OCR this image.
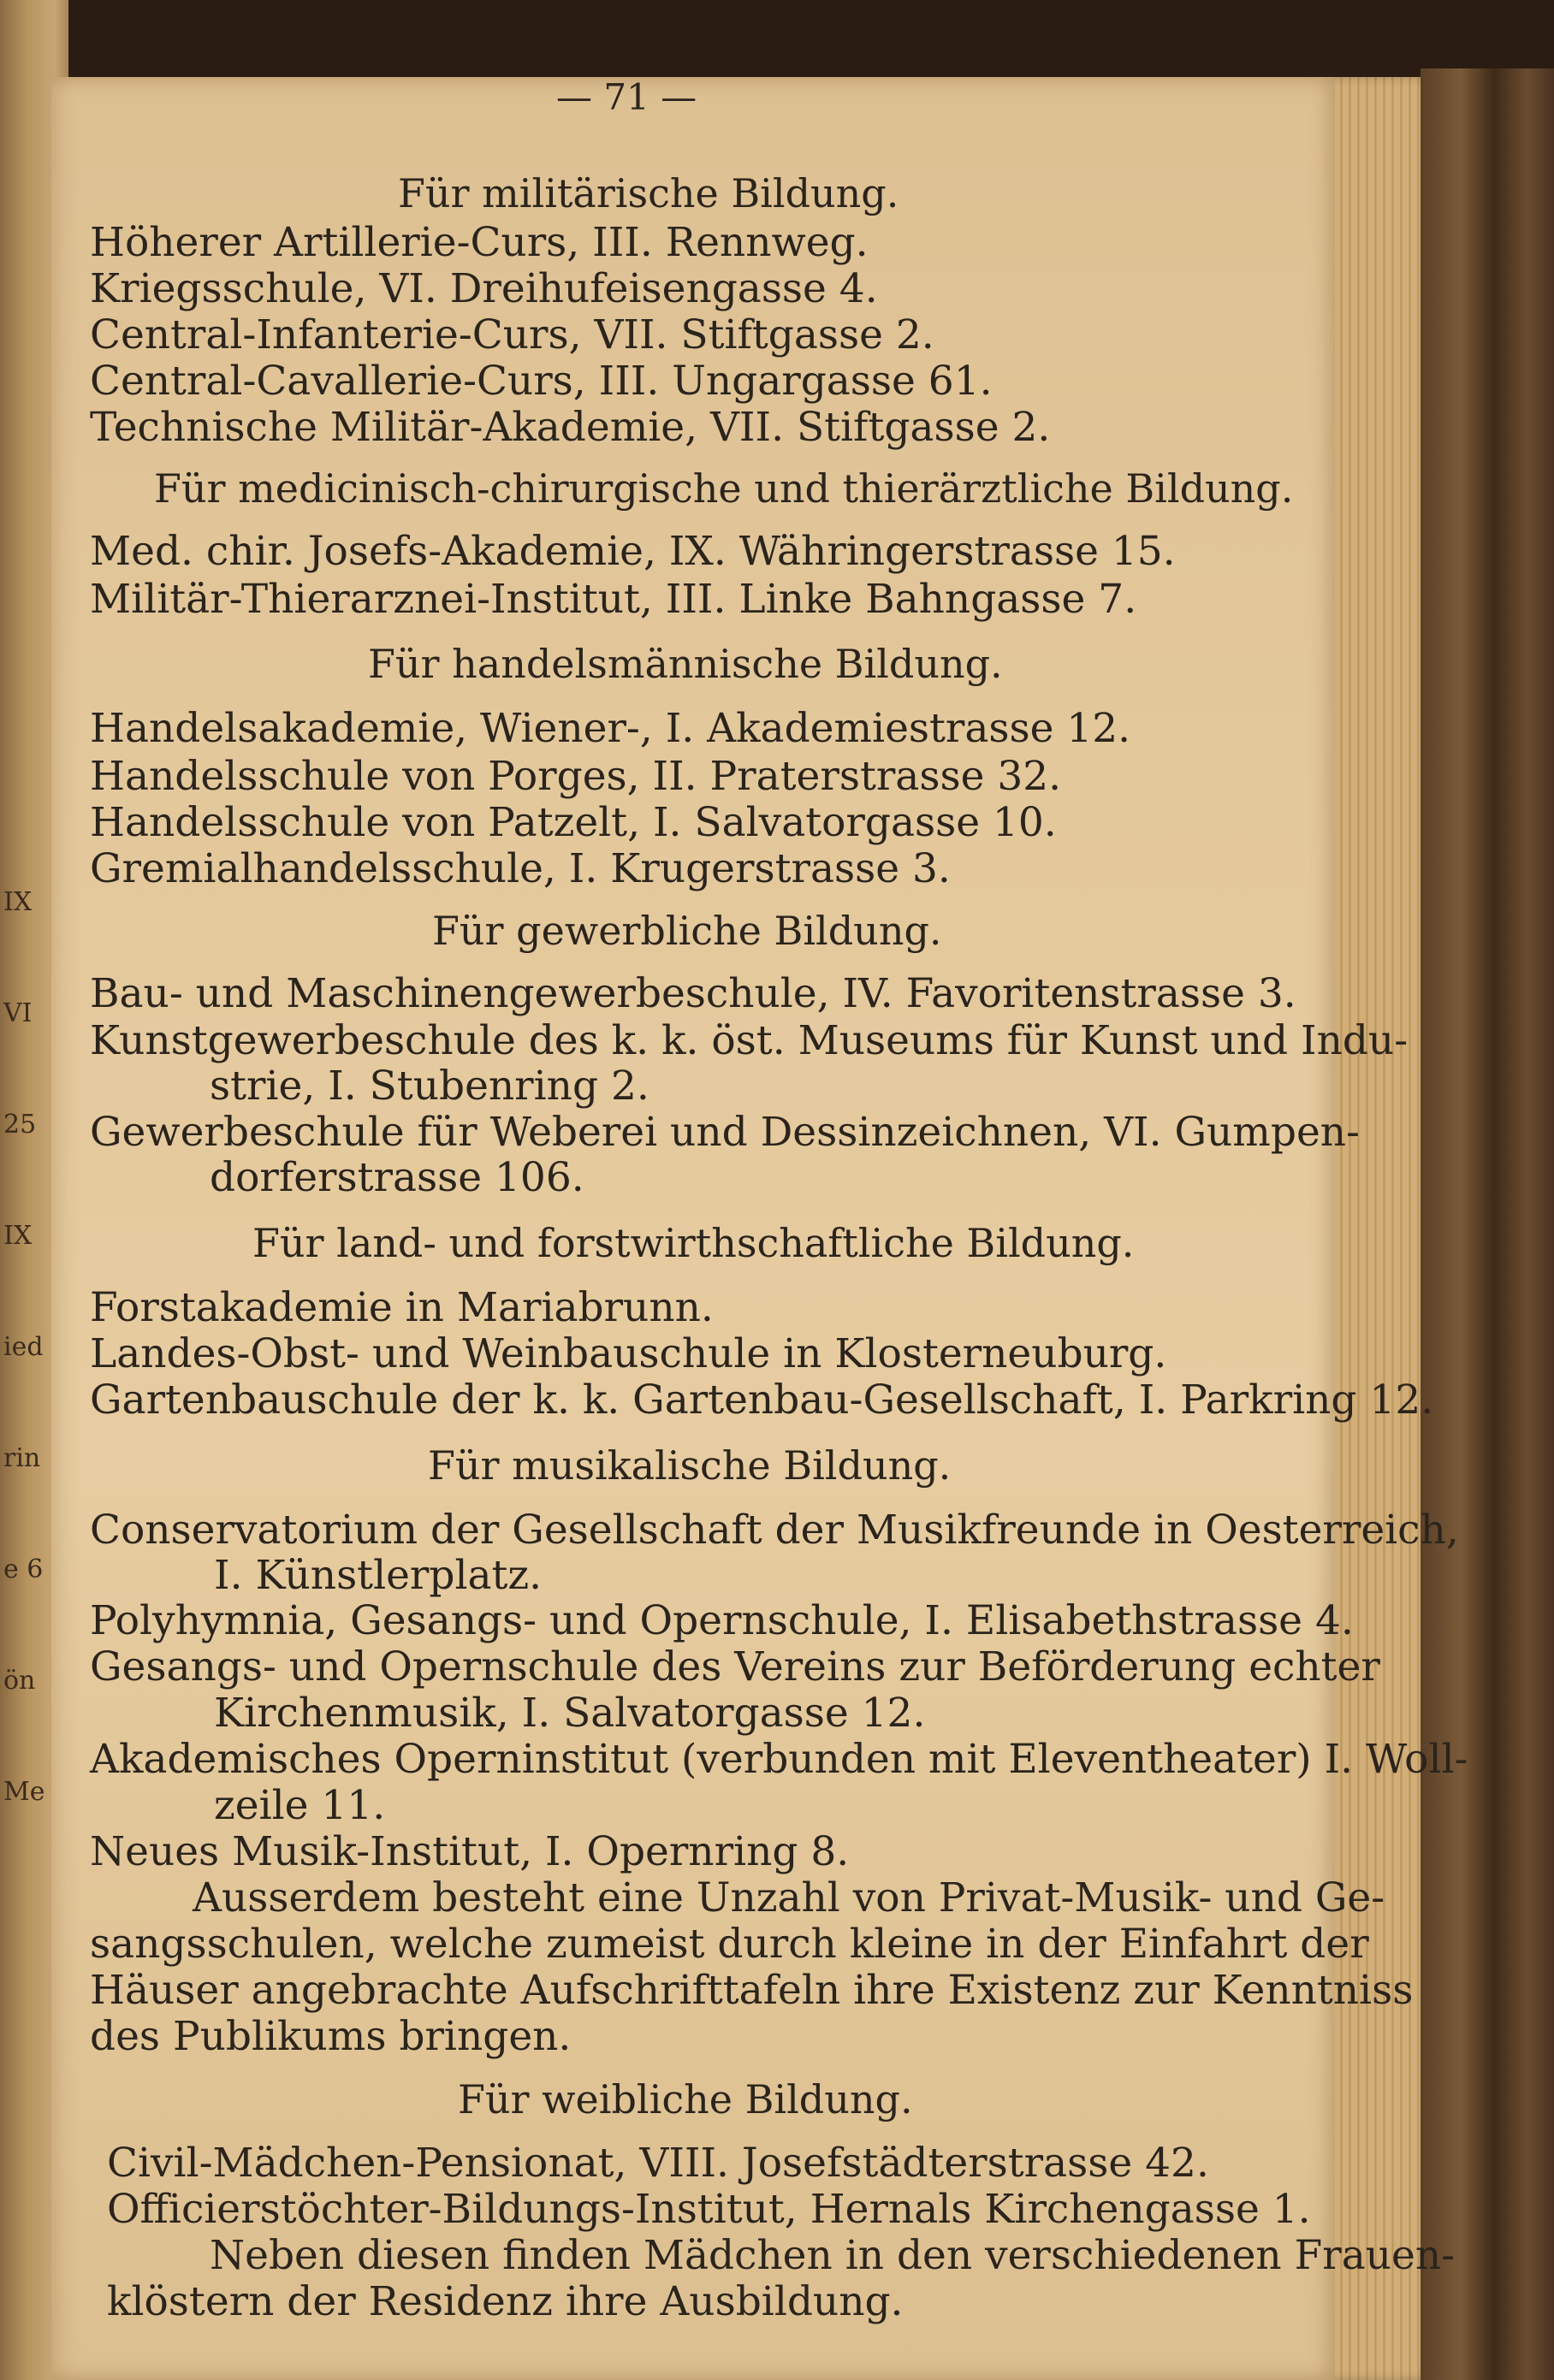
IX
VI
25
IX
ied
rin
e 6
ön
Me
— 71 —
Für militärische Bildung.
Höherer Artillerie-Curs, III. Rennweg.
Kriegsschule, VI. Dreihufeisengasse 4.
Central-Infanterie-Curs, VII. Stiftgasse 2.
Central-Cavallerie-Curs, III. Ungargasse 61.
Technische Militär-Akademie, VII. Stiftgasse 2.
Für medicinisch-chirurgische und thierärztliche Bildung.
Med. chir. Josefs-Akademie, IX. Währingerstrasse 15.
Militär-Thierarznei-Institut, III. Linke Bahngasse 7.
Für handelsmännische Bildung.
Handelsakademie, Wiener-, I. Akademiestrasse 12.
Handelsschule von Porges, II. Praterstrasse 32.
Handelsschule von Patzelt, I. Salvatorgasse 10.
Gremialhandelsschule, I. Krugerstrasse 3.
Für gewerbliche Bildung.
Bau- und Maschinengewerbeschule, IV. Favoritenstrasse 3.
Kunstgewerbeschule des k. k. öst. Museums für Kunst und Indu-
strie, I. Stubenring 2.
Gewerbeschule für Weberei und Dessinzeichnen, VI. Gumpen-
dorferstrasse 106.
Für land- und forstwirthschaftliche Bildung.
Forstakademie in Mariabrunn.
Landes-Obst- und Weinbauschule in Klosterneuburg.
Gartenbauschule der k. k. Gartenbau-Gesellschaft, I. Parkring 12.
Für musikalische Bildung.
Conservatorium der Gesellschaft der Musikfreunde in Oesterreich,
I. Künstlerplatz.
Polyhymnia, Gesangs- und Opernschule, I. Elisabethstrasse 4.
Gesangs- und Opernschule des Vereins zur Beförderung echter
Kirchenmusik, I. Salvatorgasse 12.
Akademisches Operninstitut (verbunden mit Eleventheater) I. Woll-
zeile 11.
Neues Musik-Institut, I. Opernring 8.
Ausserdem besteht eine Unzahl von Privat-Musik- und Ge-
sangsschulen, welche zumeist durch kleine in der Einfahrt der
Häuser angebrachte Aufschrifttafeln ihre Existenz zur Kenntniss
des Publikums bringen.
Für weibliche Bildung.
Civil-Mädchen-Pensionat, VIII. Josefstädterstrasse 42.
Officierstöchter-Bildungs-Institut, Hernals Kirchengasse 1.
Neben diesen finden Mädchen in den verschiedenen Frauen-
klöstern der Residenz ihre Ausbildung.
